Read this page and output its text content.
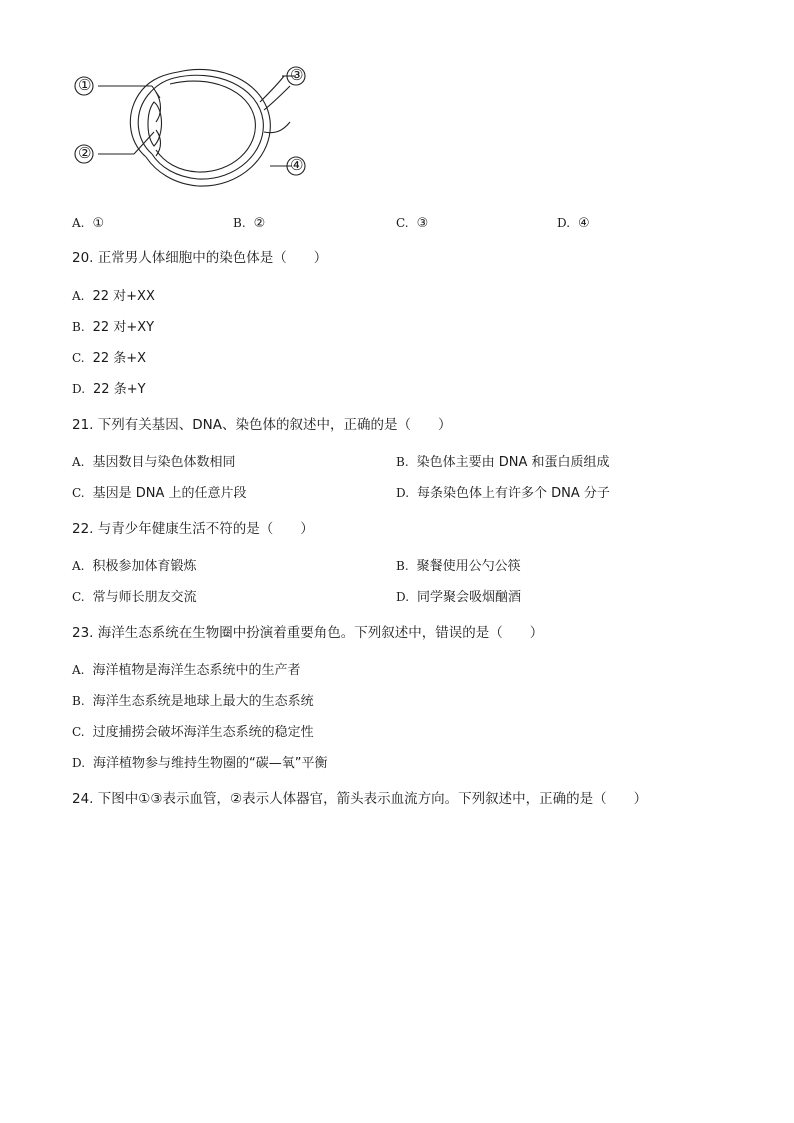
①
②
③
④
A. ①	B. ②	C. ③	D. ④
20. 正常男人体细胞中的染色体是（　　）
A. 22 对+XX
B. 22 对+XY
C. 22 条+X
D. 22 条+Y
21. 下列有关基因、DNA、染色体的叙述中，正确的是（　　）
A. 基因数目与染色体数相同	B. 染色体主要由 DNA 和蛋白质组成
C. 基因是 DNA 上的任意片段	D. 每条染色体上有许多个 DNA 分子
22. 与青少年健康生活不符的是（　　）
A. 积极参加体育锻炼	B. 聚餐使用公勺公筷
C. 常与师长朋友交流	D. 同学聚会吸烟酗酒
23. 海洋生态系统在生物圈中扮演着重要角色。下列叙述中，错误的是（　　）
A. 海洋植物是海洋生态系统中的生产者
B. 海洋生态系统是地球上最大的生态系统
C. 过度捕捞会破坏海洋生态系统的稳定性
D. 海洋植物参与维持生物圈的“碳—氧”平衡
24. 下图中①③表示血管，②表示人体器官，箭头表示血流方向。下列叙述中，正确的是（　　）
